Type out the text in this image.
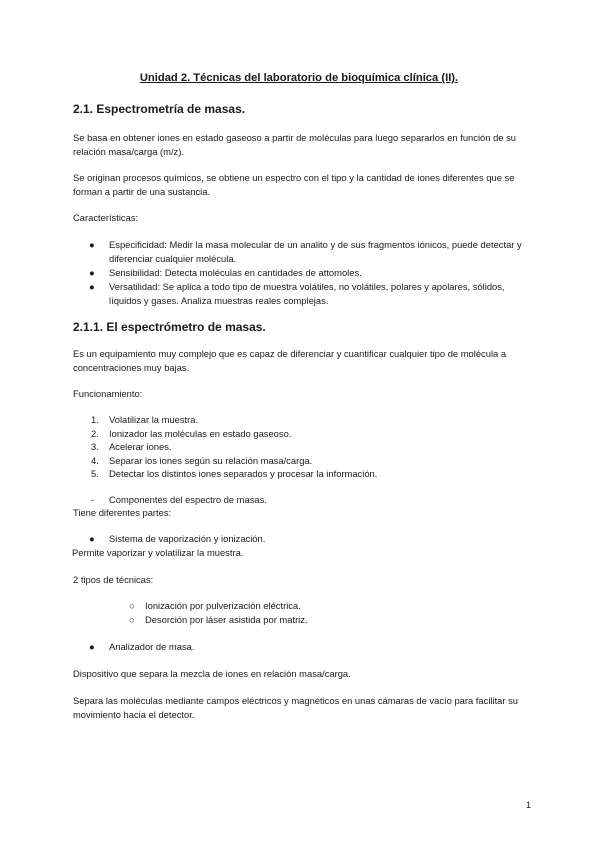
Unidad 2. Técnicas del laboratorio de bioquímica clínica (II).
2.1. Espectrometría de masas.

Se basa en obtener iones en estado gaseoso a partir de moléculas para luego separarlos en función de su relación masa/carga (m/z).

Se originan procesos químicos, se obtiene un espectro con el tipo y la cantidad de iones diferentes que se forman a partir de una sustancia.

Características:

● Especificidad: Medir la masa molecular de un analito y de sus fragmentos iónicos, puede detectar y diferenciar cualquier molécula.
● Sensibilidad: Detecta moléculas en cantidades de attomoles.
● Versatilidad: Se aplica a todo tipo de muestra volátiles, no volátiles, polares y apolares, sólidos, líquidos y gases. Analiza muestras reales complejas.
2.1.1. El espectrómetro de masas.

Es un equipamiento muy complejo que es capaz de diferenciar y cuantificar cualquier tipo de molécula a concentraciones muy bajas.

Funcionamiento:

1. Volatilizar la muestra.
2. Ionizador las moléculas en estado gaseoso.
3. Acelerar iones.
4. Separar los iones según su relación masa/carga.
5. Detectar los distintos iones separados y procesar la información.
- Componentes del espectro de masas.

Tiene diferentes partes:

● Sistema de vaporización y ionización.

Permite vaporizar y volatilizar la muestra.

2 tipos de técnicas:

○ Ionización por pulverización eléctrica.
○ Desorción por láser asistida por matriz.
● Analizador de masa.

Dispositivo que separa la mezcla de iones en relación masa/carga.

Separa las moléculas mediante campos eléctricos y magnéticos en unas cámaras de vacío para facilitar su movimiento hacia el detector.

1
